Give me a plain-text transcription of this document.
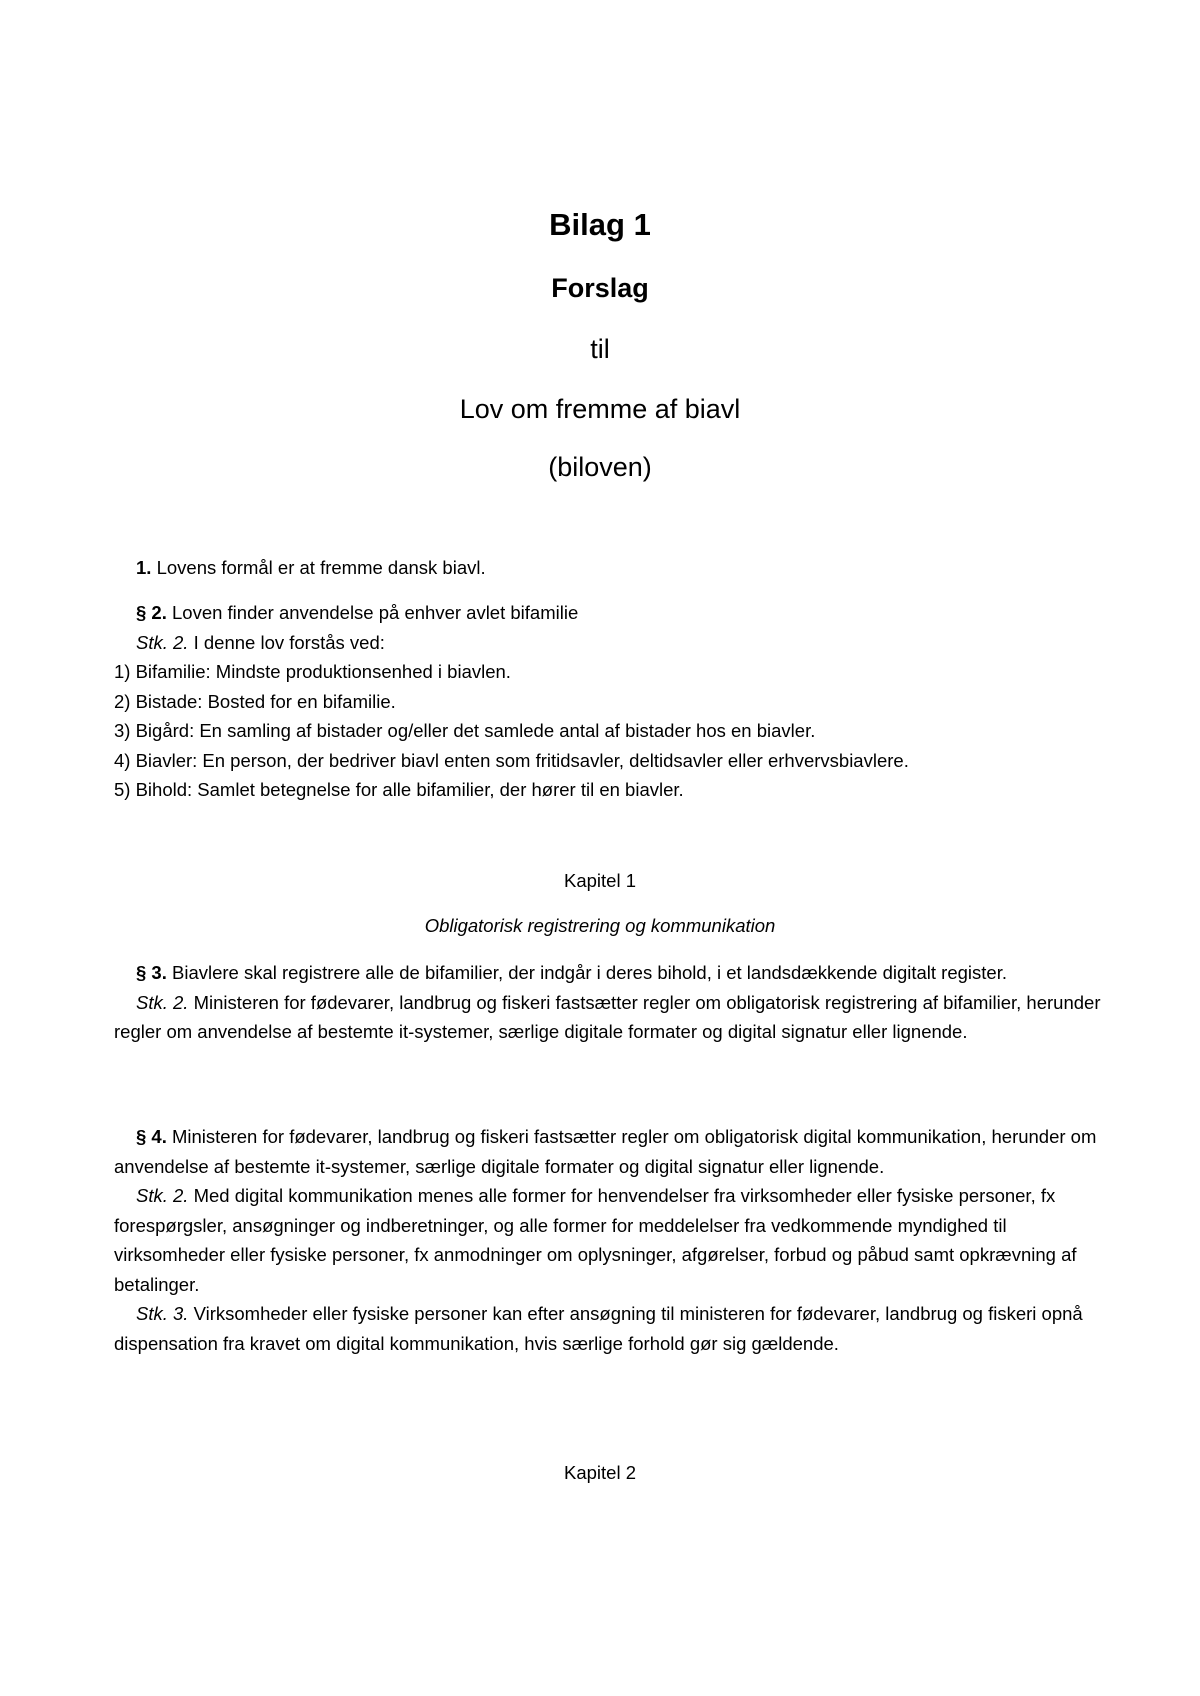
Bilag 1
Forslag
til
Lov om fremme af biavl
(biloven)
1. Lovens formål er at fremme dansk biavl.
§ 2. Loven finder anvendelse på enhver avlet bifamilie
Stk. 2. I denne lov forstås ved:
1) Bifamilie: Mindste produktionsenhed i biavlen.
2) Bistade: Bosted for en bifamilie.
3) Bigård: En samling af bistader og/eller det samlede antal af bistader hos en biavler.
4) Biavler: En person, der bedriver biavl enten som fritidsavler, deltidsavler eller erhvervsbiavlere.
5) Bihold: Samlet betegnelse for alle bifamilier, der hører til en biavler.
Kapitel 1
Obligatorisk registrering og kommunikation
§ 3. Biavlere skal registrere alle de bifamilier, der indgår i deres bihold, i et landsdækkende digitalt register.
Stk. 2. Ministeren for fødevarer, landbrug og fiskeri fastsætter regler om obligatorisk registrering af bifamilier, herunder regler om anvendelse af bestemte it-systemer, særlige digitale formater og digital signatur eller lignende.
§ 4. Ministeren for fødevarer, landbrug og fiskeri fastsætter regler om obligatorisk digital kommunikation, herunder om anvendelse af bestemte it-systemer, særlige digitale formater og digital signatur eller lignende.
Stk. 2. Med digital kommunikation menes alle former for henvendelser fra virksomheder eller fysiske personer, fx forespørgsler, ansøgninger og indberetninger, og alle former for meddelelser fra vedkommende myndighed til virksomheder eller fysiske personer, fx anmodninger om oplysninger, afgørelser, forbud og påbud samt opkrævning af betalinger.
Stk. 3. Virksomheder eller fysiske personer kan efter ansøgning til ministeren for fødevarer, landbrug og fiskeri opnå dispensation fra kravet om digital kommunikation, hvis særlige forhold gør sig gældende.
Kapitel 2
